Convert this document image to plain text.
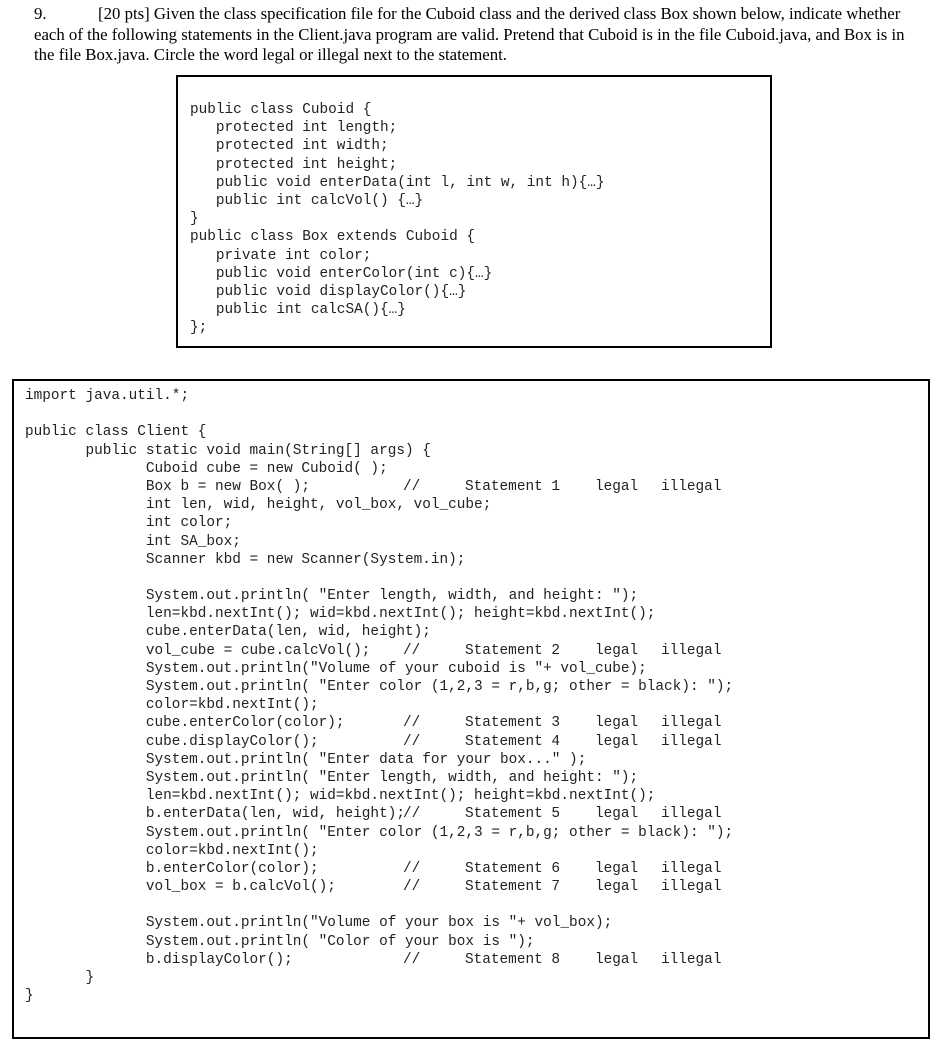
9.	[20 pts] Given the class specification file for the Cuboid class and the derived class Box shown below, indicate whether each of the following statements in the Client.java program are valid. Pretend that Cuboid is in the file Cuboid.java, and Box is in the file Box.java. Circle the word legal or illegal next to the statement.
public class Cuboid {
protected int length;
protected int width;
protected int height;
public void enterData(int l, int w, int h){…}
public int calcVol() {…}
}
public class Box extends Cuboid {
private int color;
public void enterColor(int c){…}
public void displayColor(){…}
public int calcSA(){…}
};
import java.util.*;
public class Client {
public static void main(String[] args) {
Cuboid cube = new Cuboid( );
Box b = new Box( );	//	Statement 1 legal illegal
int len, wid, height, vol_box, vol_cube;
int color;
int SA_box;
Scanner kbd = new Scanner(System.in);
System.out.println( "Enter length, width, and height: ");
len=kbd.nextInt(); wid=kbd.nextInt(); height=kbd.nextInt();
cube.enterData(len, wid, height);
vol_cube = cube.calcVol(); //	Statement 2 legal illegal
System.out.println("Volume of your cuboid is "+ vol_cube);
System.out.println( "Enter color (1,2,3 = r,b,g; other = black): ");
color=kbd.nextInt();
cube.enterColor(color);	//	Statement 3 legal illegal
cube.displayColor();	//	Statement 4 legal illegal
System.out.println( "Enter data for your box..." );
System.out.println( "Enter length, width, and height: ");
len=kbd.nextInt(); wid=kbd.nextInt(); height=kbd.nextInt();
b.enterData(len, wid, height);
//	Statement 5 legal illegal
System.out.println( "Enter color (1,2,3 = r,b,g; other = black): ");
color=kbd.nextInt();
b.enterColor(color);	//	Statement 6 legal illegal
vol_box = b.calcVol();	//	Statement 7 legal illegal
System.out.println("Volume of your box is "+ vol_box);
System.out.println( "Color of your box is ");
b.displayColor();	//	Statement 8 legal illegal
}
}
